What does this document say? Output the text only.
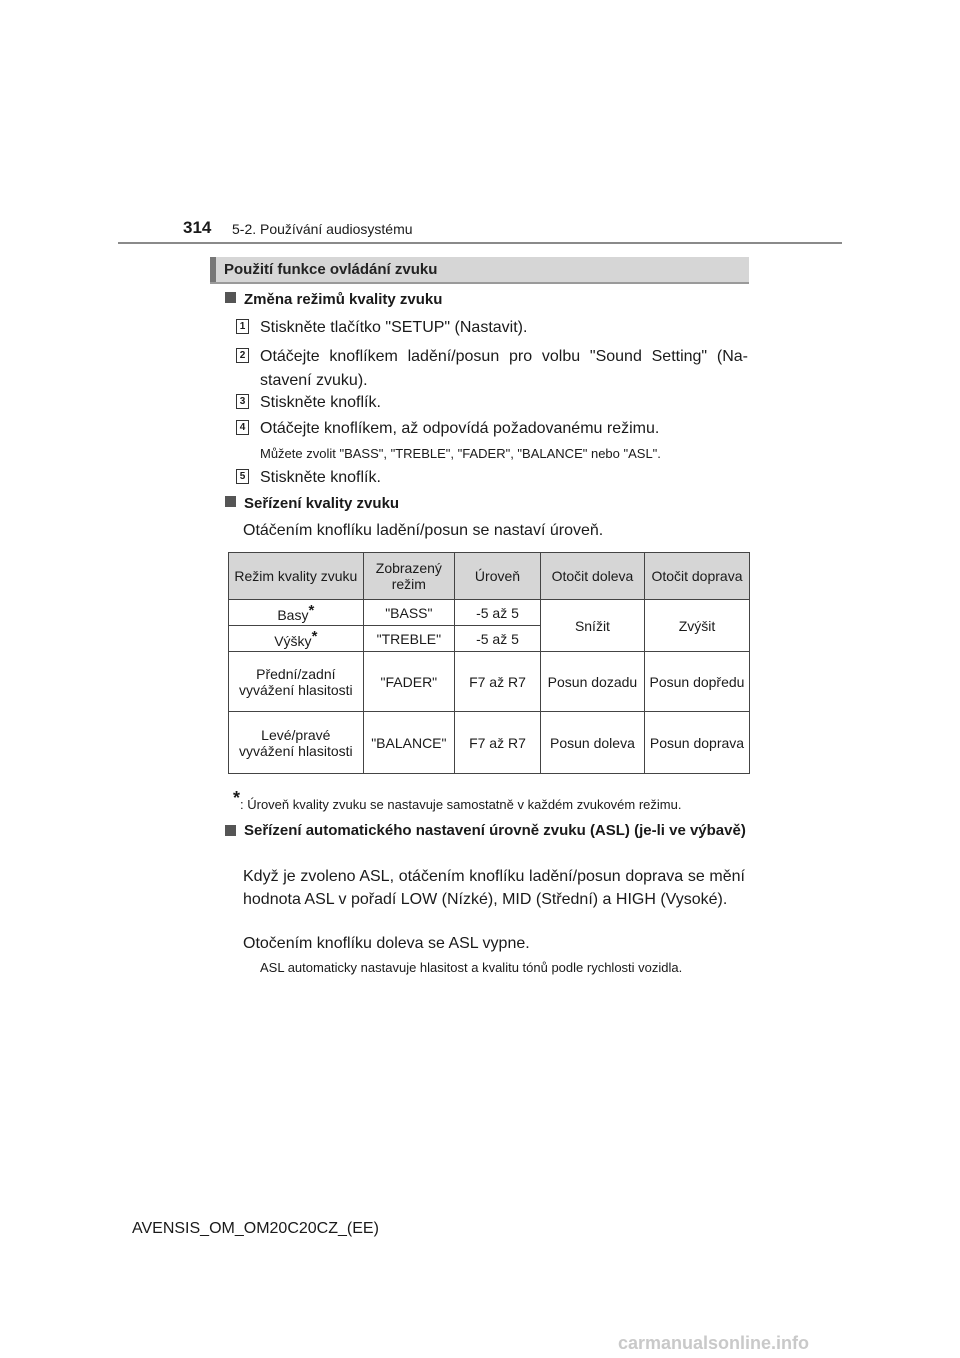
314 5-2. Používání audiosystému
Použití funkce ovládání zvuku
Změna režimů kvality zvuku
1 Stiskněte tlačítko "SETUP" (Nastavit).
2 Otáčejte knoflíkem ladění/posun pro volbu "Sound Setting" (Na-stavení zvuku).
3 Stiskněte knoflík.
4 Otáčejte knoflíkem, až odpovídá požadovanému režimu.
Můžete zvolit "BASS", "TREBLE", "FADER", "BALANCE" nebo "ASL".
5 Stiskněte knoflík.
Seřízení kvality zvuku
Otáčením knoflíku ladění/posun se nastaví úroveň.
Režim kvality zvuku	Zobrazený režim	Úroveň	Otočit doleva	Otočit doprava
Basy*	"BASS"	-5 až 5	Snížit	Zvýšit
Výšky*	"TREBLE"	-5 až 5		
Přední/zadní vyvážení hlasitosti	"FADER"	F7 až R7	Posun dozadu	Posun dopředu
Levé/pravé vyvážení hlasitosti	"BALANCE"	F7 až R7	Posun doleva	Posun doprava
*: Úroveň kvality zvuku se nastavuje samostatně v každém zvukovém režimu.
Seřízení automatického nastavení úrovně zvuku (ASL) (je-li ve výbavě)
Když je zvoleno ASL, otáčením knoflíku ladění/posun doprava se mění hodnota ASL v pořadí LOW (Nízké), MID (Střední) a HIGH (Vysoké).
Otočením knoflíku doleva se ASL vypne.
ASL automaticky nastavuje hlasitost a kvalitu tónů podle rychlosti vozidla.
AVENSIS_OM_OM20C20CZ_(EE)
carmanualsonline.info
